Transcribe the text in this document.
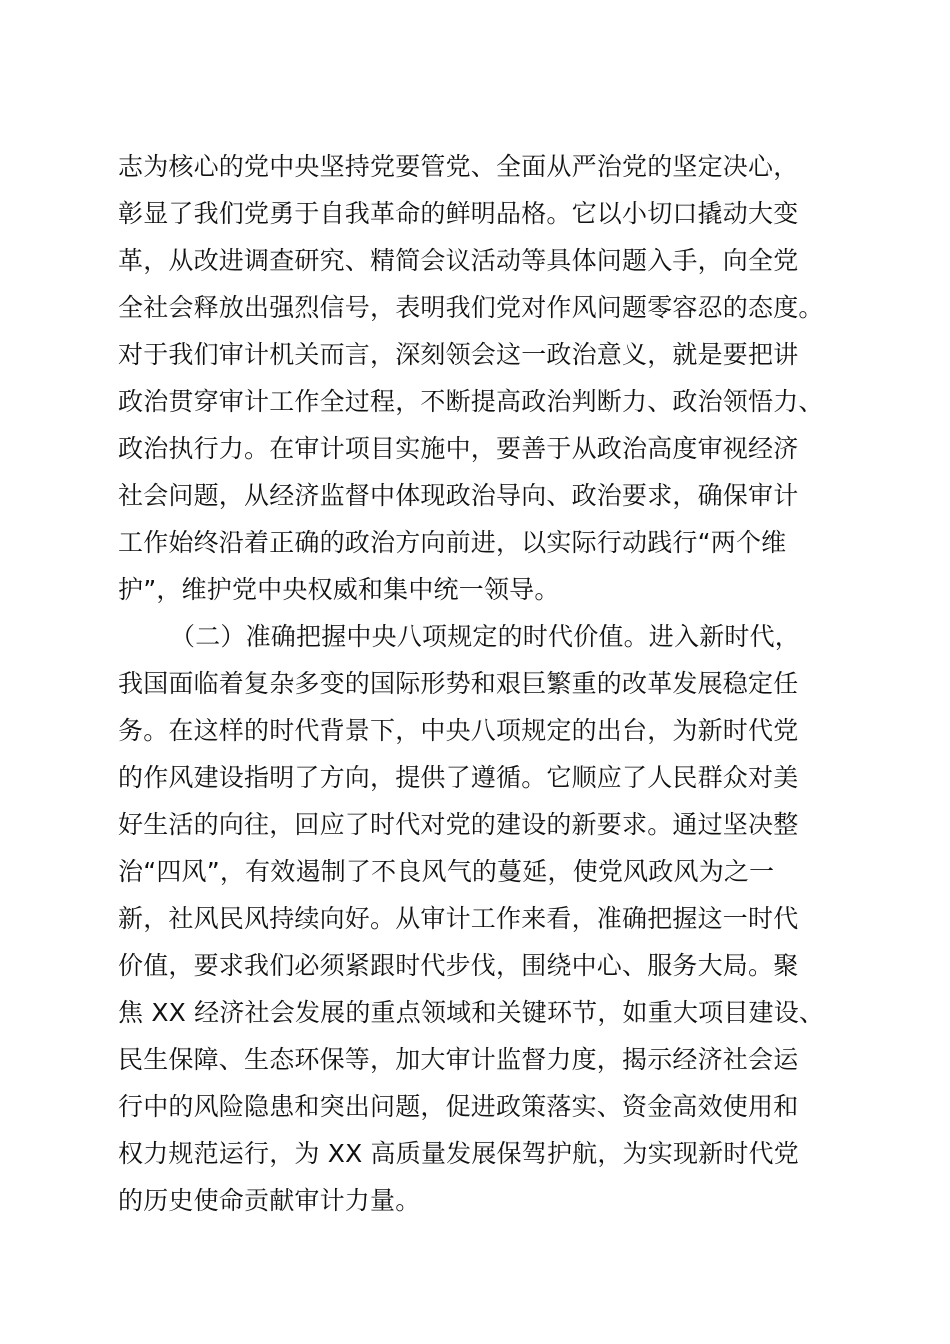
志为核心的党中央坚持党要管党、全面从严治党的坚定决心，
彰显了我们党勇于自我革命的鲜明品格。它以小切口撬动大变
革，从改进调查研究、精简会议活动等具体问题入手，向全党
全社会释放出强烈信号，表明我们党对作风问题零容忍的态度。
对于我们审计机关而言，深刻领会这一政治意义，就是要把讲
政治贯穿审计工作全过程，不断提高政治判断力、政治领悟力、
政治执行力。在审计项目实施中，要善于从政治高度审视经济
社会问题，从经济监督中体现政治导向、政治要求，确保审计
工作始终沿着正确的政治方向前进，以实际行动践行“两个维
护”，维护党中央权威和集中统一领导。
（二）准确把握中央八项规定的时代价值。进入新时代，
我国面临着复杂多变的国际形势和艰巨繁重的改革发展稳定任
务。在这样的时代背景下，中央八项规定的出台，为新时代党
的作风建设指明了方向，提供了遵循。它顺应了人民群众对美
好生活的向往，回应了时代对党的建设的新要求。通过坚决整
治“四风”，有效遏制了不良风气的蔓延，使党风政风为之一
新，社风民风持续向好。从审计工作来看，准确把握这一时代
价值，要求我们必须紧跟时代步伐，围绕中心、服务大局。聚
焦 XX 经济社会发展的重点领域和关键环节，如重大项目建设、
民生保障、生态环保等，加大审计监督力度，揭示经济社会运
行中的风险隐患和突出问题，促进政策落实、资金高效使用和
权力规范运行，为 XX 高质量发展保驾护航，为实现新时代党
的历史使命贡献审计力量。
